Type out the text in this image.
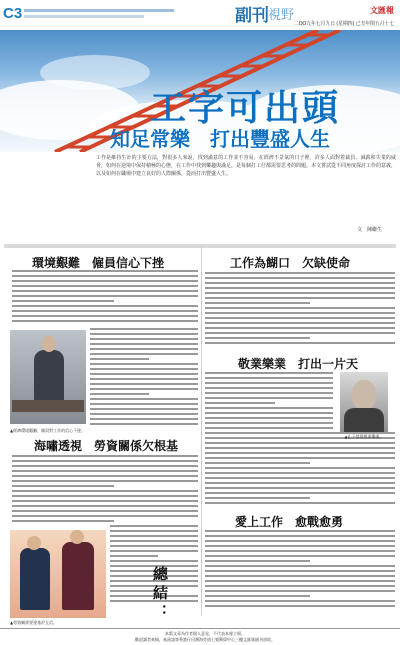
C3	副刊 視野	文匯報
二OO九年七月九日 (星期四) 已丑年閏五月十七
工字可出頭
知足常樂　打出豐盛人生
工作是維持生計的主要方法，對很多人來說，找到滿意的工作並不容易。在經濟不景氣的日子裡，許多人面對着裁員、減薪和失業的威脅，如何在逆境中保持積極的心態，在工作中找到樂趣與滿足，是每個打工仔都需要思考的問題。本文嘗試從不同角度探討工作的意義，以及如何在職場中建立良好的人際關係，從而打出豐盛人生。
文　陳繼生
環境艱難　僱員信心下挫	工作為餬口　欠缺使命
敬業樂業　打出一片天
海嘯透視　勞資關係欠根基
愛上工作　愈戰愈勇
▲經濟環境艱難，僱員對工作的信心下挫。
▲勞資關係要建基於互信。
▲孔子提倡敬業樂業。
總結：
本版文章為作者個人意見，不代表本報立場。
歡迎讀者來稿，來函請寄香港仔田灣海旁道七號興偉中心三樓文匯報副刊部收。
